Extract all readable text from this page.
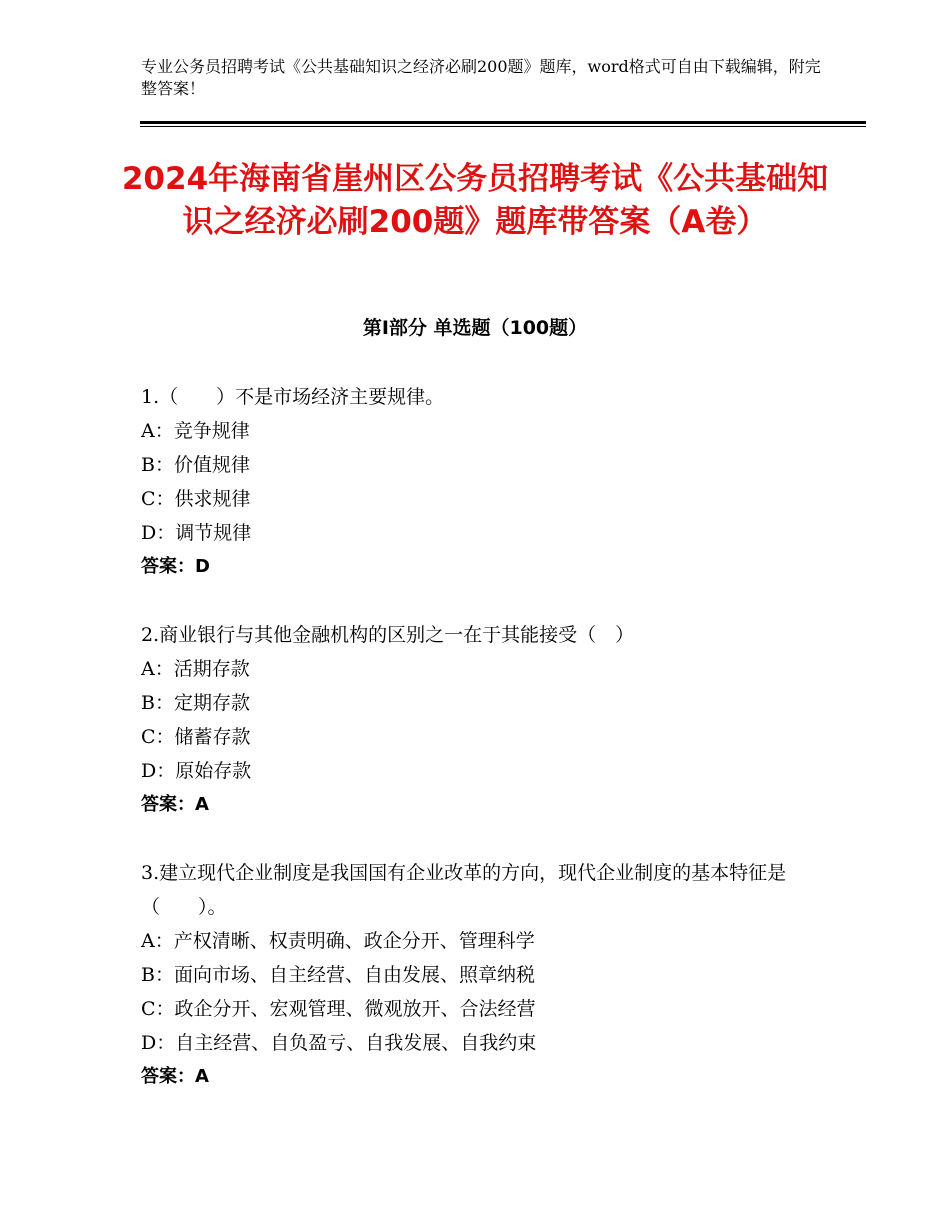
专业公务员招聘考试《公共基础知识之经济必刷200题》题库，word格式可自由下载编辑，附完整答案！
2024年海南省崖州区公务员招聘考试《公共基础知识之经济必刷200题》题库带答案（A卷）
第Ⅰ部分 单选题（100题）

1.（　　）不是市场经济主要规律。

A：竞争规律

B：价值规律

C：供求规律

D：调节规律

答案：D

2.商业银行与其他金融机构的区别之一在于其能接受（　）

A：活期存款

B：定期存款

C：储蓄存款

D：原始存款

答案：A

3.建立现代企业制度是我国国有企业改革的方向，现代企业制度的基本特征是（　　）。

A：产权清晰、权责明确、政企分开、管理科学

B：面向市场、自主经营、自由发展、照章纳税

C：政企分开、宏观管理、微观放开、合法经营

D：自主经营、自负盈亏、自我发展、自我约束

答案：A
